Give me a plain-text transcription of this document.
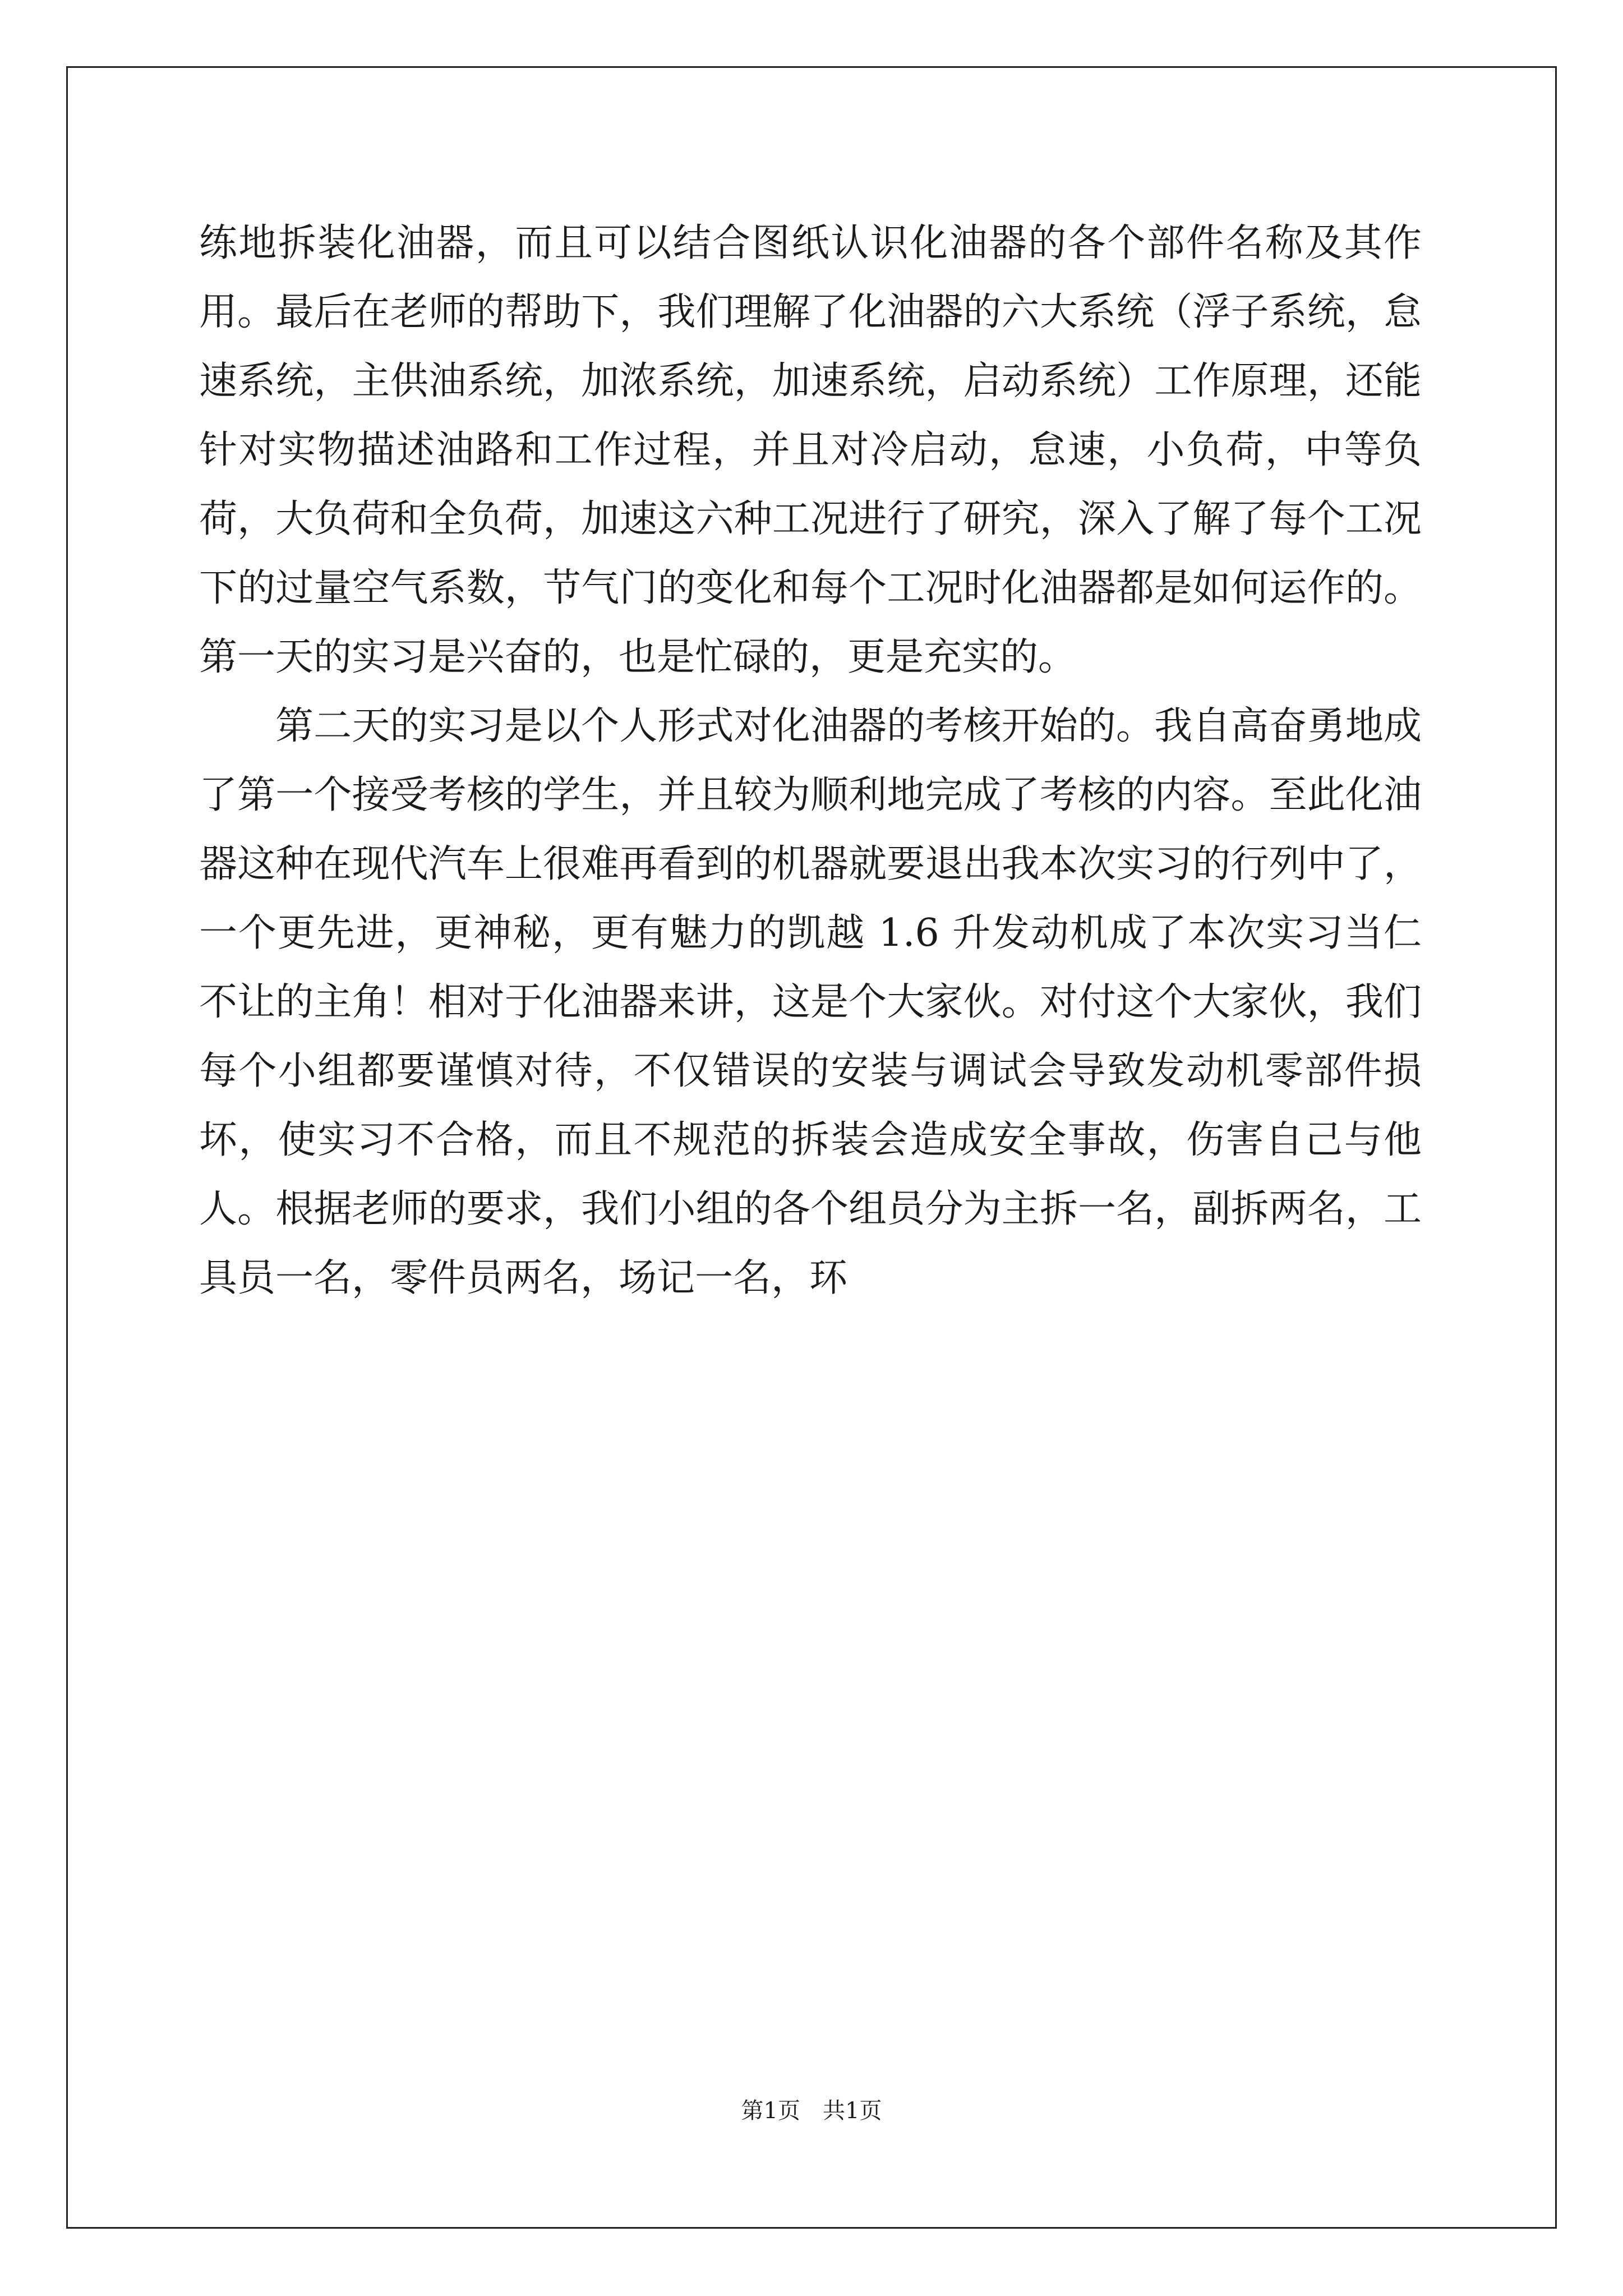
练地拆装化油器，而且可以结合图纸认识化油器的各个部件名称及其作用。最后在老师的帮助下，我们理解了化油器的六大系统（浮子系统，怠速系统，主供油系统，加浓系统，加速系统，启动系统）工作原理，还能针对实物描述油路和工作过程，并且对冷启动，怠速，小负荷，中等负荷，大负荷和全负荷，加速这六种工况进行了研究，深入了解了每个工况下的过量空气系数，节气门的变化和每个工况时化油器都是如何运作的。第一天的实习是兴奋的，也是忙碌的，更是充实的。

第二天的实习是以个人形式对化油器的考核开始的。我自高奋勇地成了第一个接受考核的学生，并且较为顺利地完成了考核的内容。至此化油器这种在现代汽车上很难再看到的机器就要退出我本次实习的行列中了，一个更先进，更神秘，更有魅力的凯越 1.6 升发动机成了本次实习当仁不让的主角！相对于化油器来讲，这是个大家伙。对付这个大家伙，我们每个小组都要谨慎对待，不仅错误的安装与调试会导致发动机零部件损坏，使实习不合格，而且不规范的拆装会造成安全事故，伤害自己与他人。根据老师的要求，我们小组的各个组员分为主拆一名，副拆两名，工具员一名，零件员两名，场记一名，环

第1页 共1页
